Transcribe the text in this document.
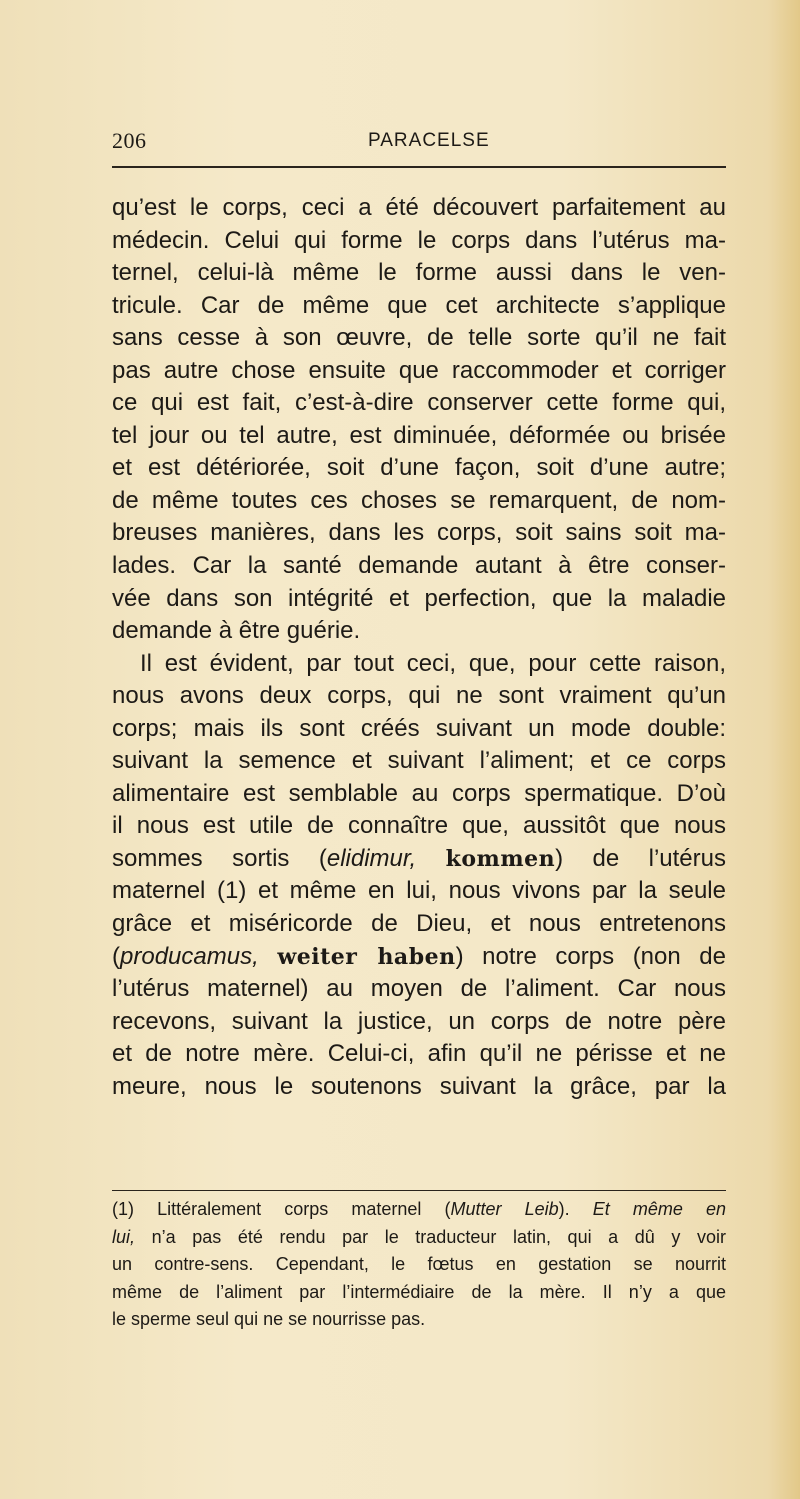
206	PARACELSE
qu’est le corps, ceci a été découvert parfaitement au
médecin. Celui qui forme le corps dans l’utérus ma-
ternel, celui-là même le forme aussi dans le ven-
tricule. Car de même que cet architecte s’applique
sans cesse à son œuvre, de telle sorte qu’il ne fait
pas autre chose ensuite que raccommoder et corriger
ce qui est fait, c’est-à-dire conserver cette forme qui,
tel jour ou tel autre, est diminuée, déformée ou brisée
et est détériorée, soit d’une façon, soit d’une autre;
de même toutes ces choses se remarquent, de nom-
breuses manières, dans les corps, soit sains soit ma-
lades. Car la santé demande autant à être conser-
vée dans son intégrité et perfection, que la maladie
demande à être guérie.
Il est évident, par tout ceci, que, pour cette raison,
nous avons deux corps, qui ne sont vraiment qu’un
corps; mais ils sont créés suivant un mode double:
suivant la semence et suivant l’aliment; et ce corps
alimentaire est semblable au corps spermatique. D’où
il nous est utile de connaître que, aussitôt que nous
sommes sortis (elidimur, kommen) de l’utérus
maternel (1) et même en lui, nous vivons par la seule
grâce et miséricorde de Dieu, et nous entretenons
(producamus, weiter haben) notre corps (non de
l’utérus maternel) au moyen de l’aliment. Car nous
recevons, suivant la justice, un corps de notre père
et de notre mère. Celui-ci, afin qu’il ne périsse et ne
meure, nous le soutenons suivant la grâce, par la
(1) Littéralement corps maternel (Mutter Leib). Et même en
lui, n’a pas été rendu par le traducteur latin, qui a dû y voir
un contre-sens. Cependant, le fœtus en gestation se nourrit
même de l’aliment par l’intermédiaire de la mère. Il n’y a que
le sperme seul qui ne se nourrisse pas.
